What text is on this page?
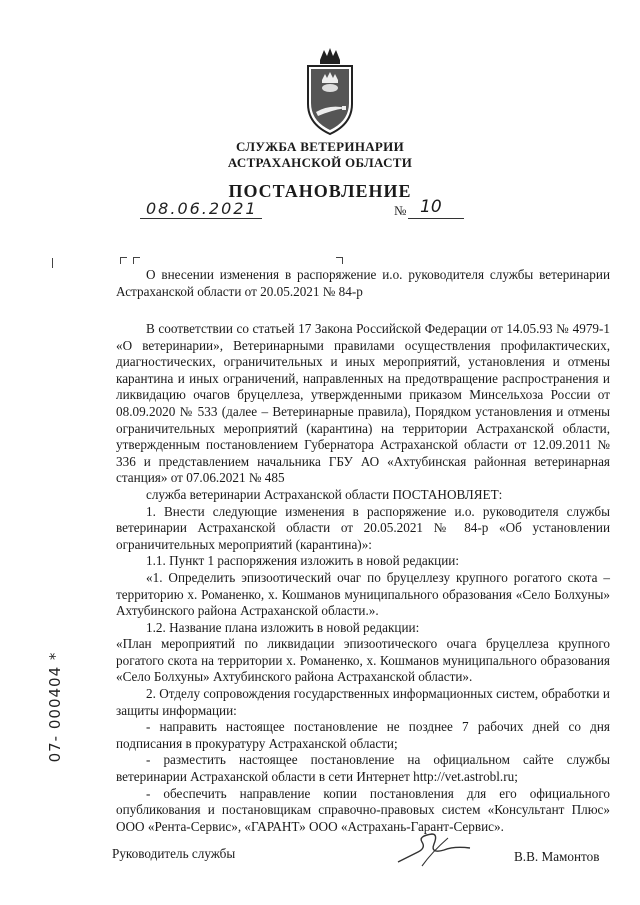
СЛУЖБА ВЕТЕРИНАРИИ
АСТРАХАНСКОЙ ОБЛАСТИ
ПОСТАНОВЛЕНИЕ
08.06.2021	№ 10

О внесении изменения в распоряжение и.о. руководителя службы ветеринарии Астраханской области от 20.05.2021 № 84-р

В соответствии со статьей 17 Закона Российской Федерации от 14.05.93 № 4979-1 «О ветеринарии», Ветеринарными правилами осуществления профилактических, диагностических, ограничительных и иных мероприятий, установления и отмены карантина и иных ограничений, направленных на предотвращение распространения и ликвидацию очагов бруцеллеза, утвержденными приказом Минсельхоза России от 08.09.2020 № 533 (далее – Ветеринарные правила), Порядком установления и отмены ограничительных мероприятий (карантина) на территории Астраханской области, утвержденным постановлением Губернатора Астраханской области от 12.09.2011 № 336 и представлением начальника ГБУ АО «Ахтубинская районная ветеринарная станция» от 07.06.2021 № 485

служба ветеринарии Астраханской области ПОСТАНОВЛЯЕТ:

1. Внести следующие изменения в распоряжение и.о. руководителя службы ветеринарии Астраханской области от 20.05.2021 № 84-р «Об установлении ограничительных мероприятий (карантина)»:

1.1. Пункт 1 распоряжения изложить в новой редакции:

«1. Определить эпизоотический очаг по бруцеллезу крупного рогатого скота – территорию х. Романенко, х. Кошманов муниципального образования «Село Болхуны» Ахтубинского района Астраханской области.».

1.2. Название плана изложить в новой редакции:

«План мероприятий по ликвидации эпизоотического очага бруцеллеза крупного рогатого скота на территории х. Романенко, х. Кошманов муниципального образования «Село Болхуны» Ахтубинского района Астраханской области».

2. Отделу сопровождения государственных информационных систем, обработки и защиты информации:

- направить настоящее постановление не позднее 7 рабочих дней со дня подписания в прокуратуру Астраханской области;

- разместить настоящее постановление на официальном сайте службы ветеринарии Астраханской области в сети Интернет http://vet.astrobl.ru;

- обеспечить направление копии постановления для его официального опубликования и постановщикам справочно-правовых систем «Консультант Плюс» ООО «Рента-Сервис», «ГАРАНТ» ООО «Астрахань-Гарант-Сервис».

07- 000404 *
Руководитель службы	В.В. Мамонтов
